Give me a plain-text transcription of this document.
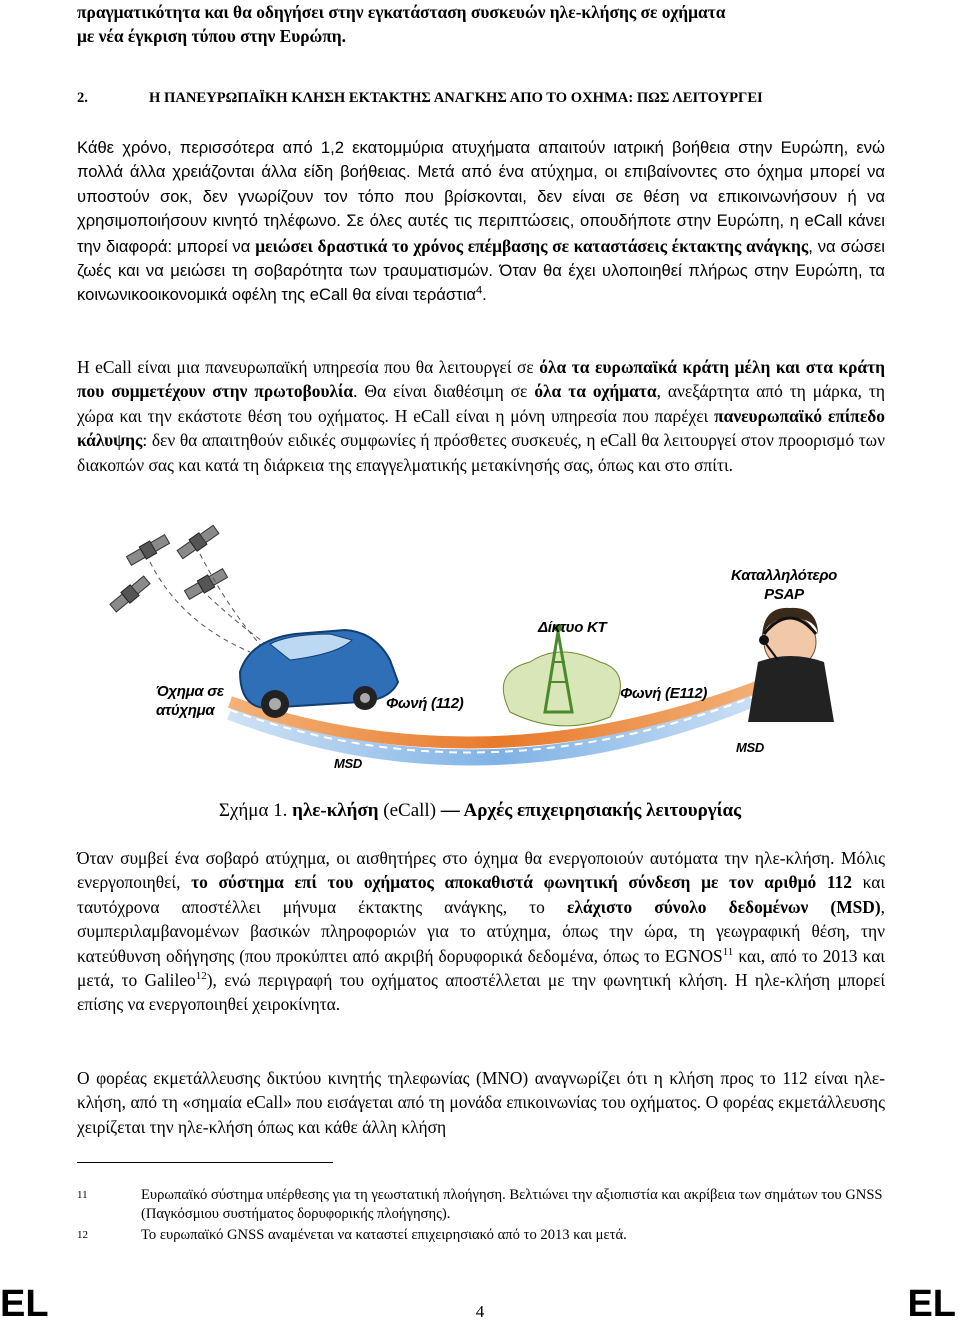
πραγματικότητα και θα οδηγήσει στην εγκατάσταση συσκευών ηλε-κλήσης σε οχήματα
με νέα έγκριση τύπου στην Ευρώπη.

2.	Η ΠΑΝΕΥΡΩΠΑΪΚΗ ΚΛΗΣΗ ΕΚΤΑΚΤΗΣ ΑΝΑΓΚΗΣ ΑΠΟ ΤΟ ΟΧΗΜΑ: ΠΩΣ ΛΕΙΤΟΥΡΓΕΙ

Κάθε χρόνο, περισσότερα από 1,2 εκατομμύρια ατυχήματα απαιτούν ιατρική βοήθεια στην Ευρώπη, ενώ πολλά άλλα χρειάζονται άλλα είδη βοήθειας. Μετά από ένα ατύχημα, οι επιβαίνοντες στο όχημα μπορεί να υποστούν σοκ, δεν γνωρίζουν τον τόπο που βρίσκονται, δεν είναι σε θέση να επικοινωνήσουν ή να χρησιμοποιήσουν κινητό τηλέφωνο. Σε όλες αυτές τις περιπτώσεις, οπουδήποτε στην Ευρώπη, η eCall κάνει την διαφορά: μπορεί να μειώσει δραστικά το χρόνος επέμβασης σε καταστάσεις έκτακτης ανάγκης, να σώσει ζωές και να μειώσει τη σοβαρότητα των τραυματισμών. Όταν θα έχει υλοποιηθεί πλήρως στην Ευρώπη, τα κοινωνικοοικονομικά οφέλη της eCall θα είναι τεράστια$^4$.

Η eCall είναι μια πανευρωπαϊκή υπηρεσία που θα λειτουργεί σε όλα τα ευρωπαϊκά κράτη μέλη και στα κράτη που συμμετέχουν στην πρωτοβουλία. Θα είναι διαθέσιμη σε όλα τα οχήματα, ανεξάρτητα από τη μάρκα, τη χώρα και την εκάστοτε θέση του οχήματος. Η eCall είναι η μόνη υπηρεσία που παρέχει πανευρωπαϊκό επίπεδο κάλυψης: δεν θα απαιτηθούν ειδικές συμφωνίες ή πρόσθετες συσκευές, η eCall θα λειτουργεί στον προορισμό των διακοπών σας και κατά τη διάρκεια της επαγγελματικής μετακίνησής σας, όπως και στο σπίτι.

Καταλληλότερο PSAP
Δίκτυο ΚΤ
Όχημα σε ατύχημα	Φωνή (112)
Φωνή (E112)
MSD
MSD
Σχήμα 1. ηλε-κλήση (eCall) — Αρχές επιχειρησιακής λειτουργίας

Όταν συμβεί ένα σοβαρό ατύχημα, οι αισθητήρες στο όχημα θα ενεργοποιούν αυτόματα την ηλε-κλήση. Μόλις ενεργοποιηθεί, το σύστημα επί του οχήματος αποκαθιστά φωνητική σύνδεση με τον αριθμό 112 και ταυτόχρονα αποστέλλει μήνυμα έκτακτης ανάγκης, το ελάχιστο σύνολο δεδομένων (MSD), συμπεριλαμβανομένων βασικών πληροφοριών για το ατύχημα, όπως την ώρα, τη γεωγραφική θέση, την κατεύθυνση οδήγησης (που προκύπτει από ακριβή δορυφορικά δεδομένα, όπως το EGNOS$^{11}$ και, από το 2013 και μετά, το Galileo$^{12}$), ενώ περιγραφή του οχήματος αποστέλλεται με την φωνητική κλήση. Η ηλε-κλήση μπορεί επίσης να ενεργοποιηθεί χειροκίνητα.

Ο φορέας εκμετάλλευσης δικτύου κινητής τηλεφωνίας (MNO) αναγνωρίζει ότι η κλήση προς το 112 είναι ηλε-κλήση, από τη «σημαία eCall» που εισάγεται από τη μονάδα επικοινωνίας του οχήματος. Ο φορέας εκμετάλλευσης χειρίζεται την ηλε-κλήση όπως και κάθε άλλη κλήση

11	Ευρωπαϊκό σύστημα υπέρθεσης για τη γεωστατική πλοήγηση. Βελτιώνει την αξιοπιστία και ακρίβεια των σημάτων του GNSS (Παγκόσμιου συστήματος δορυφορικής πλοήγησης).
12	Το ευρωπαϊκό GNSS αναμένεται να καταστεί επιχειρησιακό από το 2013 και μετά.
EL	4	EL
